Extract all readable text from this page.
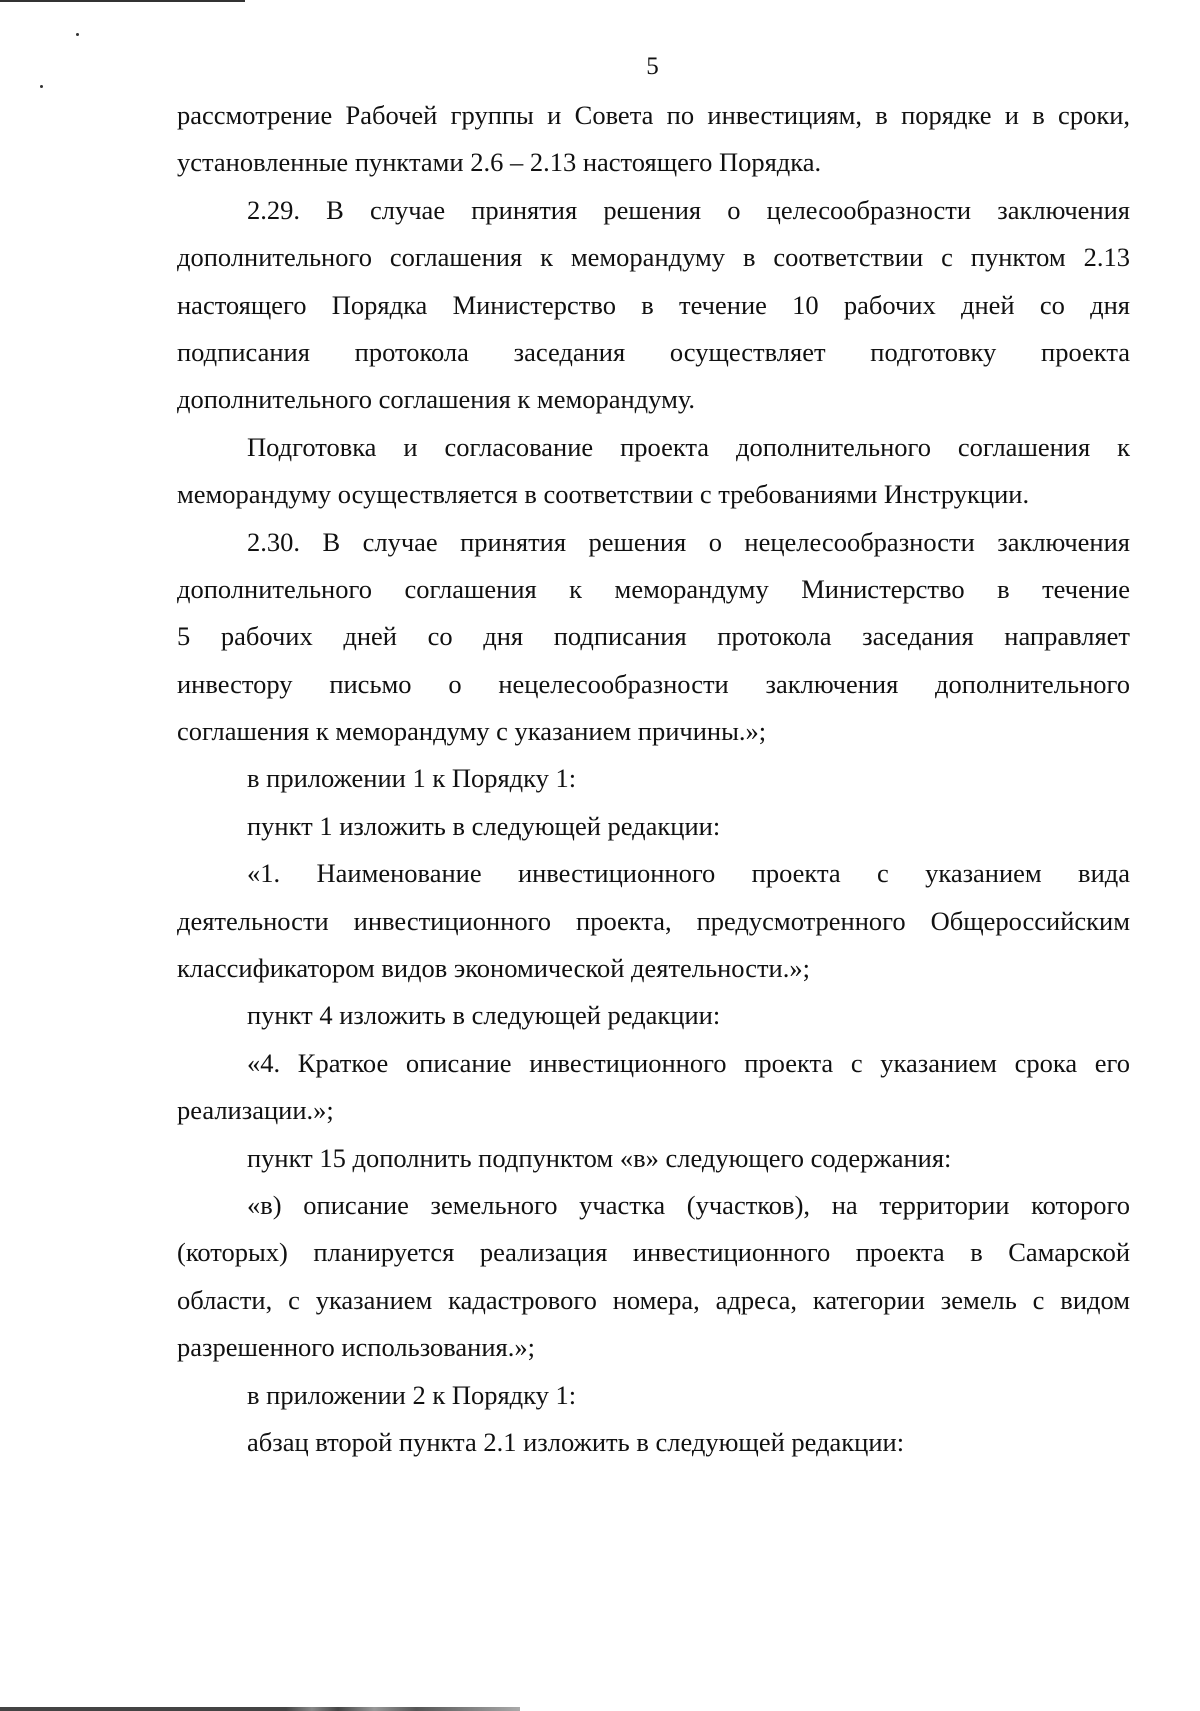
5
рассмотрение Рабочей группы и Совета по инвестициям, в порядке и в сроки,
установленные пунктами 2.6 – 2.13 настоящего Порядка.
2.29. В случае принятия решения о целесообразности заключения
дополнительного соглашения к меморандуму в соответствии с пунктом 2.13
настоящего Порядка Министерство в течение 10 рабочих дней со дня
подписания протокола заседания осуществляет подготовку проекта
дополнительного соглашения к меморандуму.
Подготовка и согласование проекта дополнительного соглашения к
меморандуму осуществляется в соответствии с требованиями Инструкции.
2.30. В случае принятия решения о нецелесообразности заключения
дополнительного соглашения к меморандуму Министерство в течение
5 рабочих дней со дня подписания протокола заседания направляет
инвестору письмо о нецелесообразности заключения дополнительного
соглашения к меморандуму с указанием причины.»;
в приложении 1 к Порядку 1:
пункт 1 изложить в следующей редакции:
«1. Наименование инвестиционного проекта с указанием вида
деятельности инвестиционного проекта, предусмотренного Общероссийским
классификатором видов экономической деятельности.»;
пункт 4 изложить в следующей редакции:
«4. Краткое описание инвестиционного проекта с указанием срока его
реализации.»;
пункт 15 дополнить подпунктом «в» следующего содержания:
«в) описание земельного участка (участков), на территории которого
(которых) планируется реализация инвестиционного проекта в Самарской
области, с указанием кадастрового номера, адреса, категории земель с видом
разрешенного использования.»;
в приложении 2 к Порядку 1:
абзац второй пункта 2.1 изложить в следующей редакции:
